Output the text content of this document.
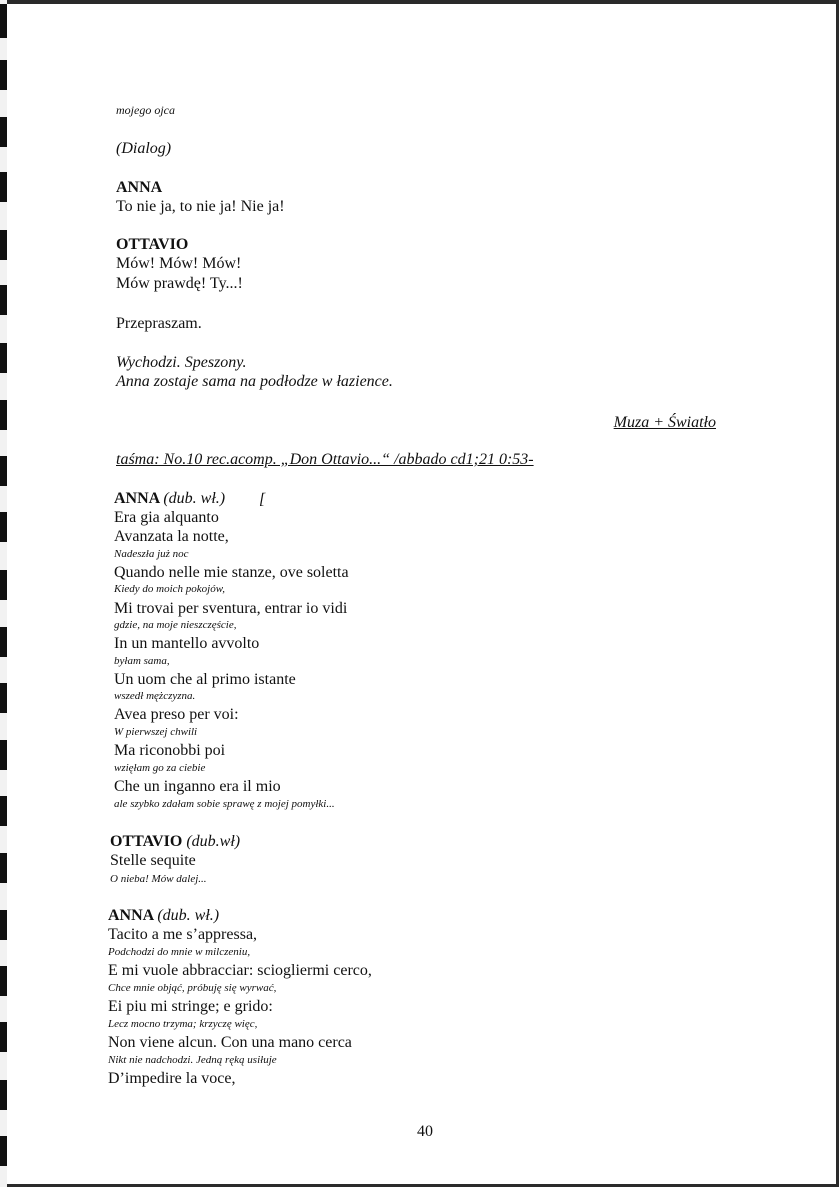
mojego ojca
(Dialog)
ANNA
To nie ja, to nie ja! Nie ja!
OTTAVIO
Mów! Mów! Mów!
Mów prawdę! Ty...!
Przepraszam.
Wychodzi. Speszony.
Anna zostaje sama na podłodze w łazience.
Muza + Światło
taśma: No.10 rec.acomp. „Don Ottavio...“ /abbado cd1;21 0:53-
ANNA (dub. wł.) [
Era gia alquanto
Avanzata la notte,
Nadeszła już noc
Quando nelle mie stanze, ove soletta
Kiedy do moich pokojów,
Mi trovai per sventura, entrar io vidi
gdzie, na moje nieszczęście,
In un mantello avvolto
byłam sama,
Un uom che al primo istante
wszedł mężczyzna.
Avea preso per voi:
W pierwszej chwili
Ma riconobbi poi
wzięłam go za ciebie
Che un inganno era il mio
ale szybko zdałam sobie sprawę z mojej pomyłki...
OTTAVIO (dub.wł)
Stelle sequite
O nieba! Mów dalej...
ANNA (dub. wł.)
Tacito a me s’appressa,
Podchodzi do mnie w milczeniu,
E mi vuole abbracciar: sciogliermi cerco,
Chce mnie objąć, próbuję się wyrwać,
Ei piu mi stringe; e grido:
Lecz mocno trzyma; krzyczę więc,
Non viene alcun. Con una mano cerca
Nikt nie nadchodzi. Jedną ręką usiłuje
D’impedire la voce,
40
